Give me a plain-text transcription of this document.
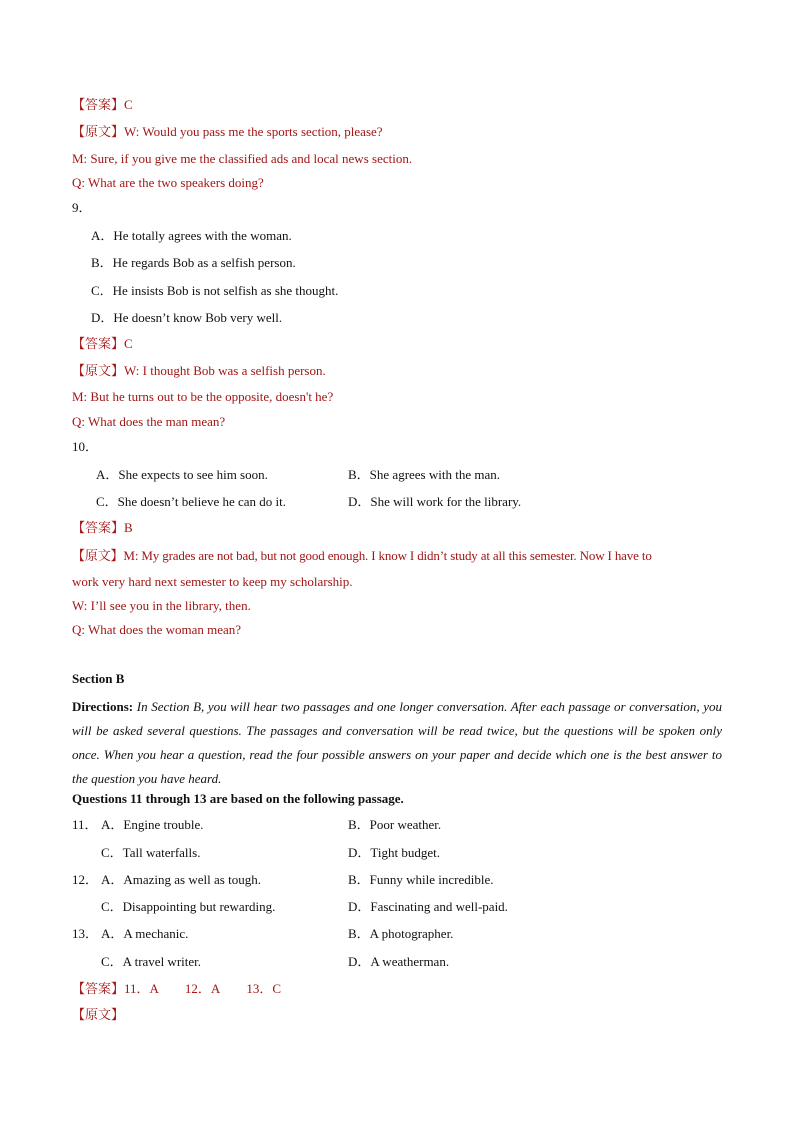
【答案】C
【原文】W: Would you pass me the sports section, please?
M: Sure, if you give me the classified ads and local news section.
Q: What are the two speakers doing?
9．
A．He totally agrees with the woman.
B．He regards Bob as a selfish person.
C．He insists Bob is not selfish as she thought.
D．He doesn’t know Bob very well.
【答案】C
【原文】W: I thought Bob was a selfish person.
M: But he turns out to be the opposite, doesn't he?
Q: What does the man mean?
10．
A．She expects to see him soon.	B．She agrees with the man.
C．She doesn’t believe he can do it.	D．She will work for the library.
【答案】B
【原文】M: My grades are not bad, but not good enough. I know I didn’t study at all this semester. Now I have to
work very hard next semester to keep my scholarship.
W: I’ll see you in the library, then.
Q: What does the woman mean?
Section B
Directions: In Section B, you will hear two passages and one longer conversation. After each passage or conversation, you will be asked several questions. The passages and conversation will be read twice, but the questions will be spoken only once. When you hear a question, read the four possible answers on your paper and decide which one is the best answer to the question you have heard.
Questions 11 through 13 are based on the following passage.
11． A．Engine trouble.	B．Poor weather.
C．Tall waterfalls.	D．Tight budget.
12． A．Amazing as well as tough.	B．Funny while incredible.
C．Disappointing but rewarding.	D．Fascinating and well-paid.
13． A．A mechanic.	B．A photographer.
C．A travel writer.	D．A weatherman.
【答案】11．A 12．A 13．C
【原文】
